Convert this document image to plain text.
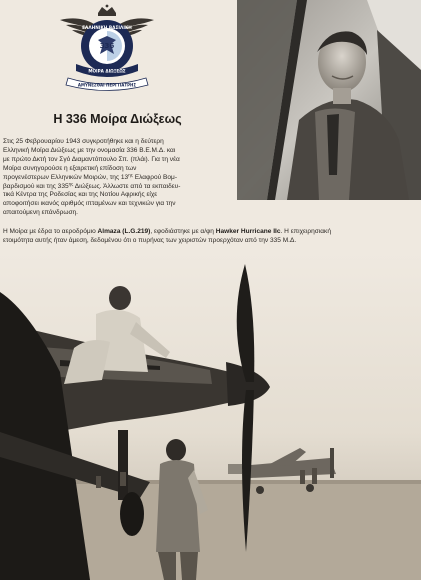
ΕΛΛΗΝΙΚΗ ΒΑΣΙΛΙΚΗ
336
ΜΟΙΡΑ ΔΙΩΞΕΩΣ
ΑΜΥΝΕΣΘΑΙ ΠΕΡΙ ΠΑΤΡΗΣ
Η 336 Μοίρα Διώξεως
Στις 25 Φεβρουαρίου 1943 συγκροτήθηκε και η δεύτερη
Ελληνική Μοίρα Διώξεως με την ονομασία 336 Β.Ε.Μ.Δ. και
με πρώτο Δκτή τον Σγό Διαμαντόπουλο Σπ. (πλάι). Για τη νέα
Μοίρα συνηγορούσε η εξαιρετική επίδοση των
προγενέστερων Ελληνικών Μοιρών, της $13^{\eta\varsigma}$ Ελαφρού Βομ-
βαρδισμού και της $335^{\eta\varsigma}$ Διώξεως. Άλλωστε από τα εκπαιδευ-
τικά Κέντρα της Ροδεσίας και της Νοτίου Αφρικής είχε
αποφοιτήσει ικανός αριθμός ιπταμένων και τεχνικών για την
απαιτούμενη επάνδρωση.
Η Μοίρα με έδρα το αεροδρόμιο Almaza (L.G.219), εφοδιάστηκε με α/φη Hawker Hurricane IIc. Η επιχειρησιακή
ετοιμότητα αυτής ήταν άμεση, δεδομένου ότι ο πυρήνας των χειριστών προερχόταν από την 335 Μ.Δ.
